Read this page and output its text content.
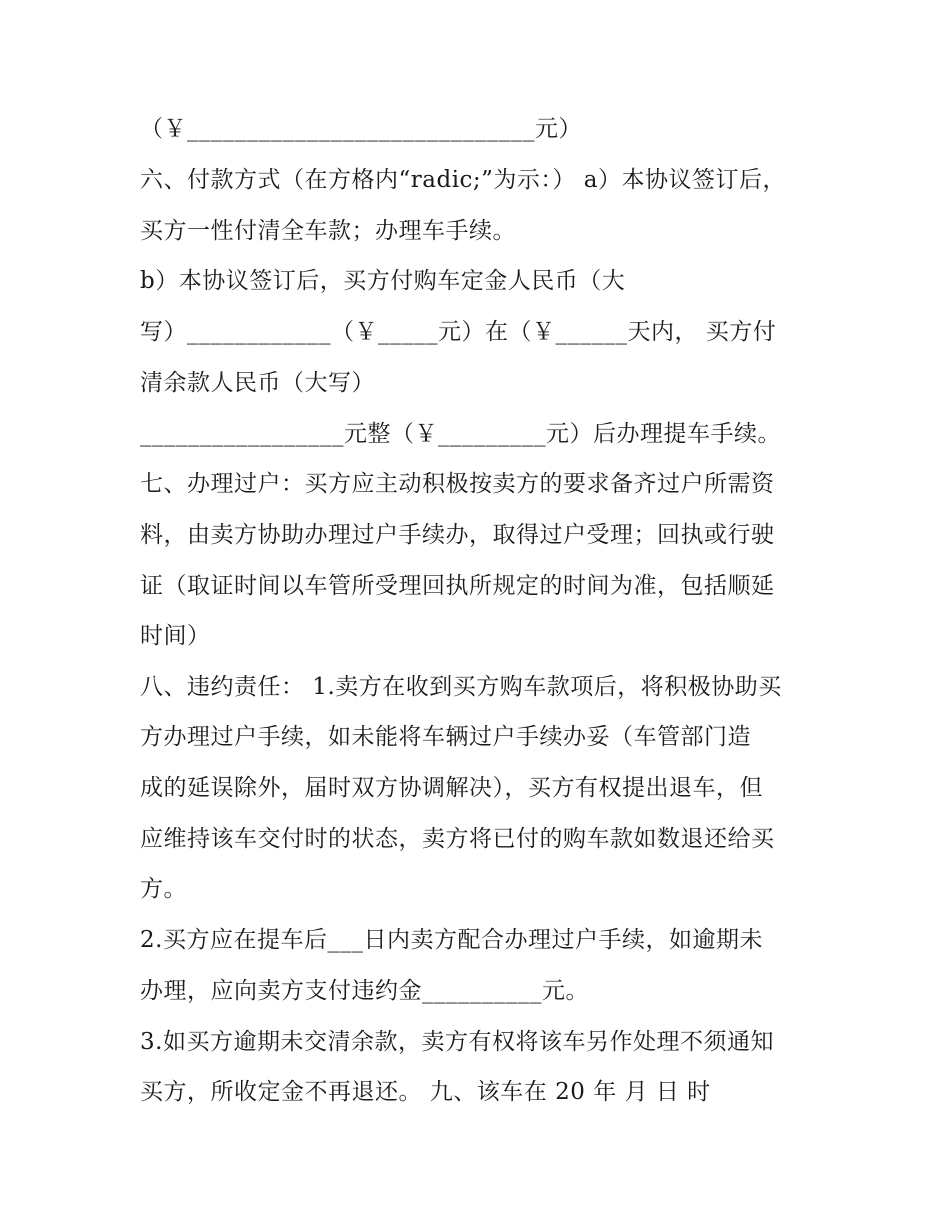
（￥_____________________________元）
六、付款方式（在方格内“radic;”为示：） a）本协议签订后，
买方一性付清全车款；办理车手续。
b）本协议签订后，买方付购车定金人民币（大
写）____________（￥_____元）在（￥______天内， 买方付
清余款人民币（大写）
_________________元整（￥_________元）后办理提车手续。
七、办理过户：买方应主动积极按卖方的要求备齐过户所需资
料，由卖方协助办理过户手续办，取得过户受理；回执或行驶
证（取证时间以车管所受理回执所规定的时间为准，包括顺延
时间）
八、违约责任： 1.卖方在收到买方购车款项后，将积极协助买
方办理过户手续，如未能将车辆过户手续办妥（车管部门造
成的延误除外，届时双方协调解决），买方有权提出退车，但
应维持该车交付时的状态，卖方将已付的购车款如数退还给买
方。
2.买方应在提车后___日内卖方配合办理过户手续，如逾期未
办理，应向卖方支付违约金__________元。
3.如买方逾期未交清余款，卖方有权将该车另作处理不须通知
买方，所收定金不再退还。 九、该车在 20 年 月 日 时
